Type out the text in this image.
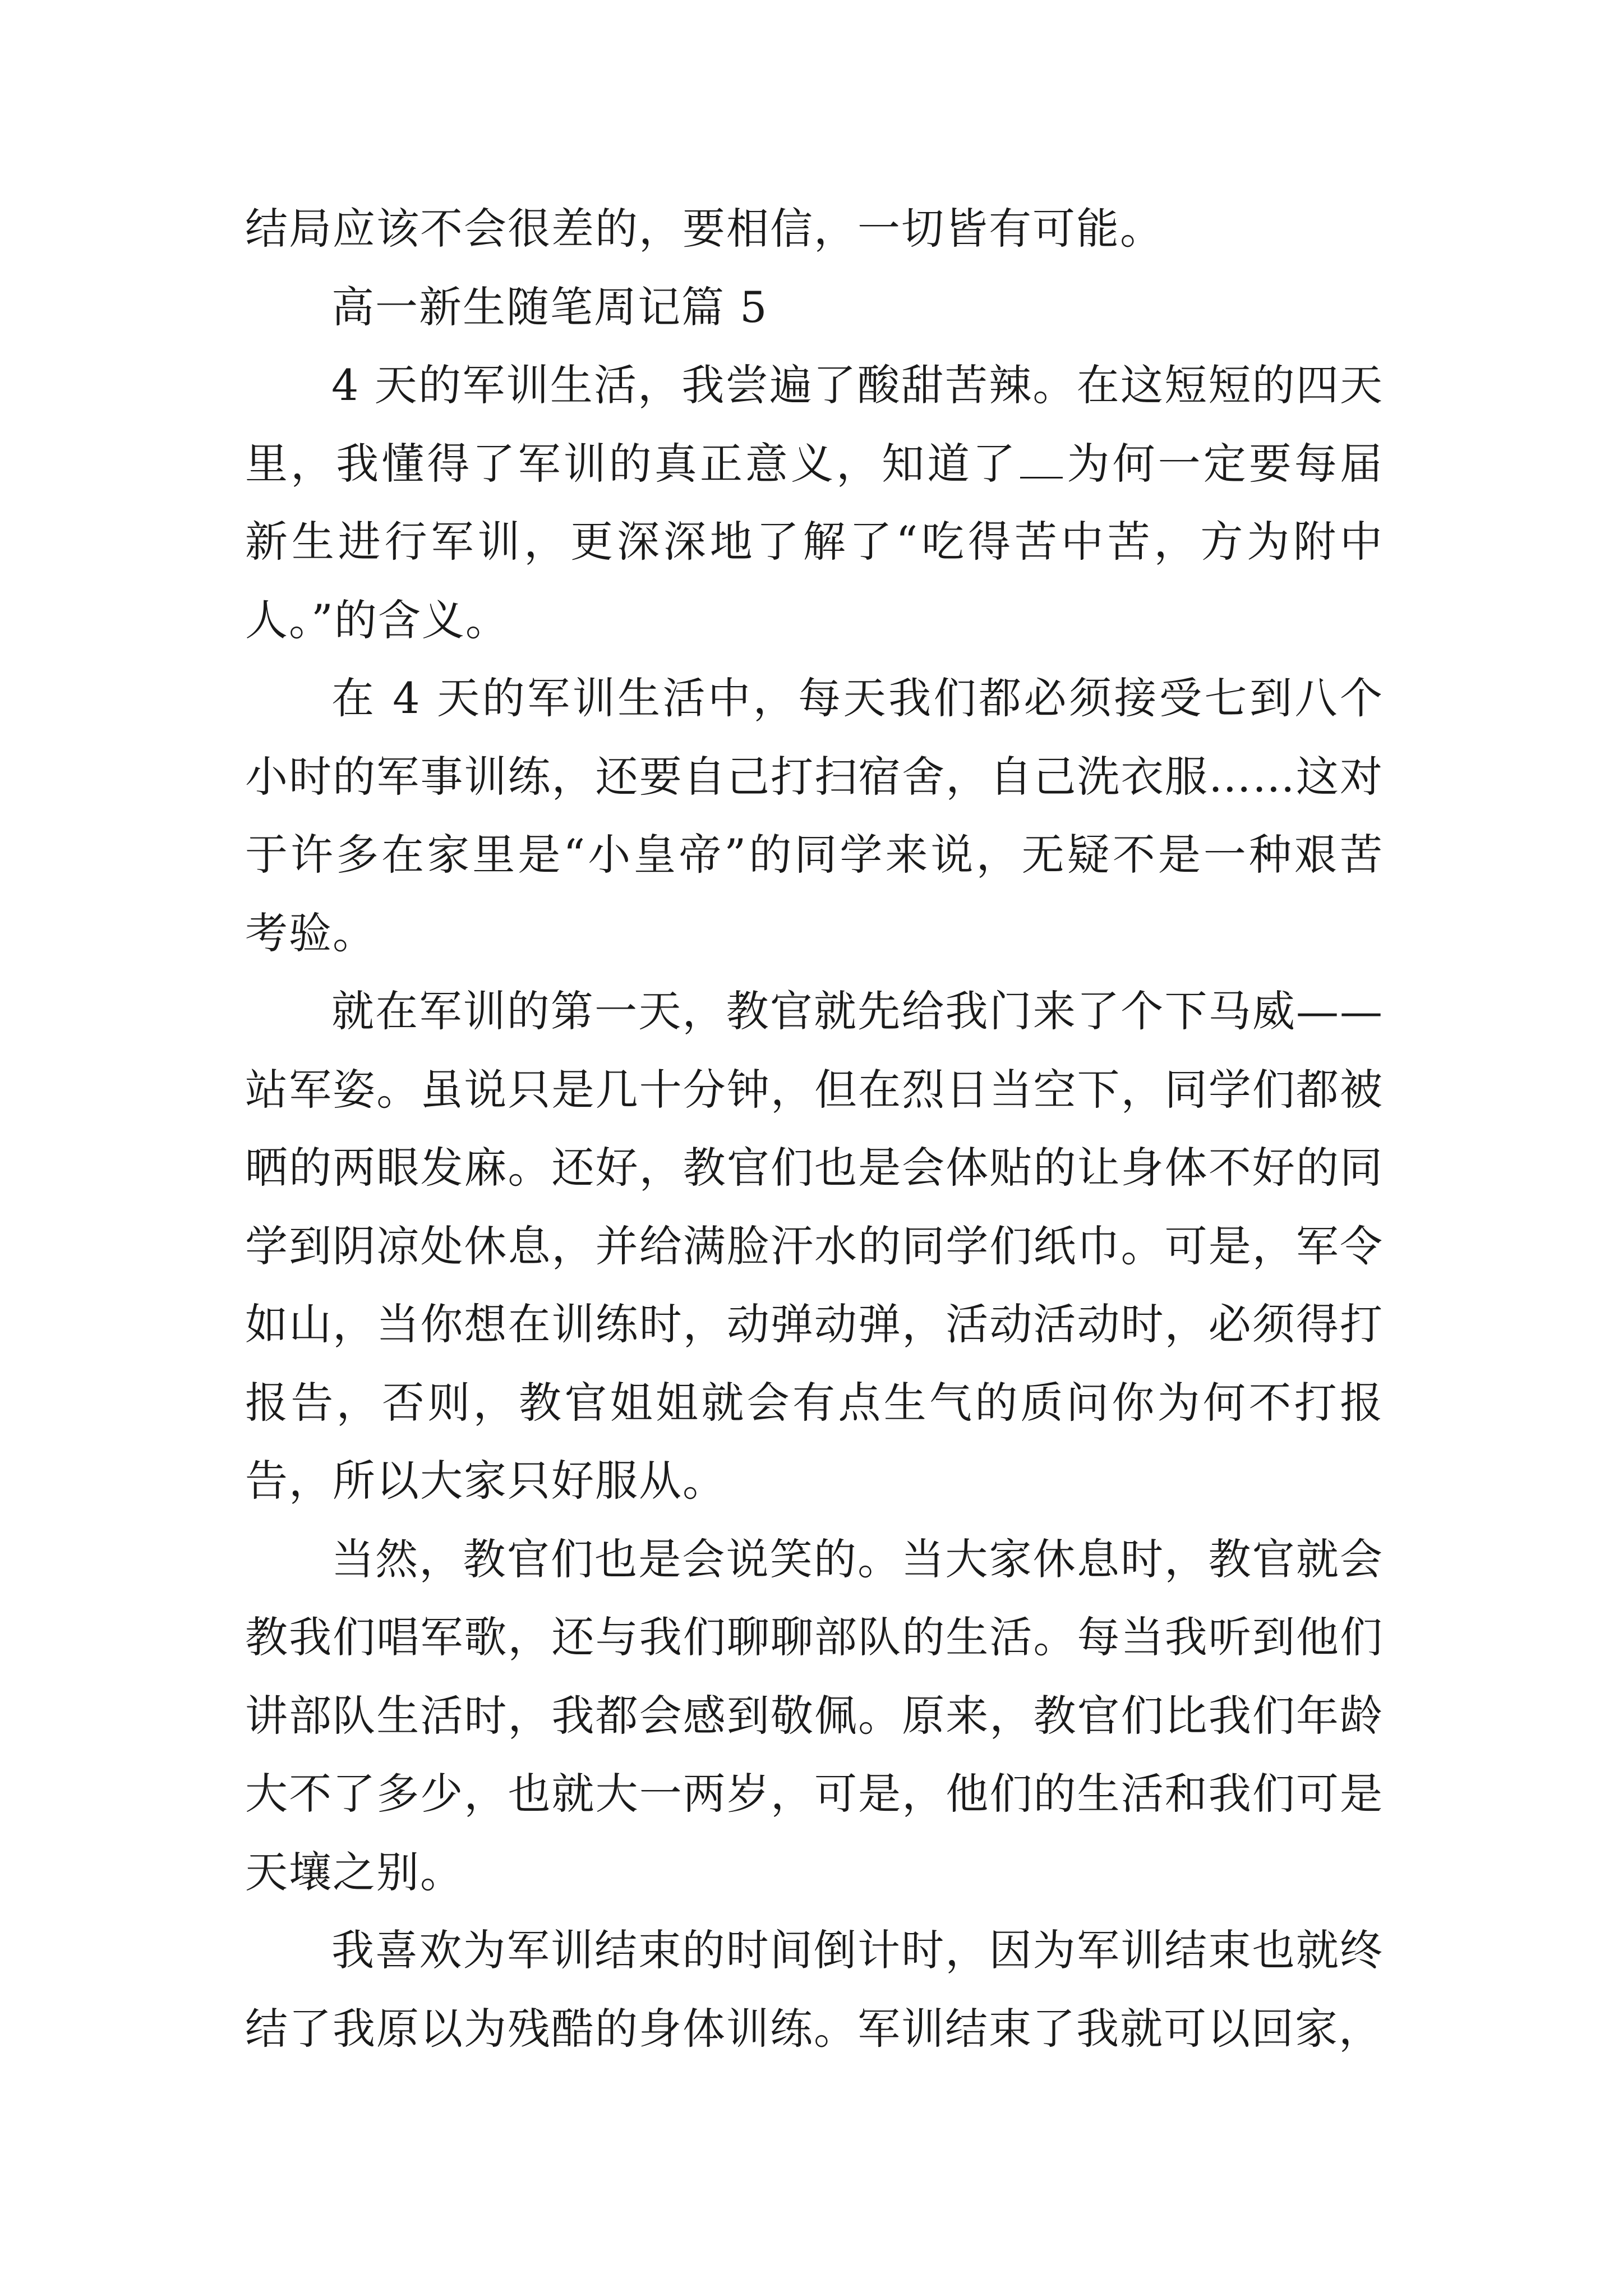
结局应该不会很差的，要相信，一切皆有可能。

高一新生随笔周记篇 5

4 天的军训生活，我尝遍了酸甜苦辣。在这短短的四天里，我懂得了军训的真正意义，知道了 为何一定要每届新生进行军训，更深深地了解了“吃得苦中苦，方为附中人。”的含义。

在 4 天的军训生活中，每天我们都必须接受七到八个小时的军事训练，还要自己打扫宿舍，自己洗衣服……这对于许多在家里是“小皇帝”的同学来说，无疑不是一种艰苦考验。

就在军训的第一天，教官就先给我门来了个下马威——站军姿。虽说只是几十分钟，但在烈日当空下，同学们都被晒的两眼发麻。还好，教官们也是会体贴的让身体不好的同学到阴凉处休息，并给满脸汗水的同学们纸巾。可是，军令如山，当你想在训练时，动弹动弹，活动活动时，必须得打报告，否则，教官姐姐就会有点生气的质问你为何不打报告，所以大家只好服从。

当然，教官们也是会说笑的。当大家休息时，教官就会教我们唱军歌，还与我们聊聊部队的生活。每当我听到他们讲部队生活时，我都会感到敬佩。原来，教官们比我们年龄大不了多少，也就大一两岁，可是，他们的生活和我们可是天壤之别。

我喜欢为军训结束的时间倒计时，因为军训结束也就终结了我原以为残酷的身体训练。军训结束了我就可以回家，
